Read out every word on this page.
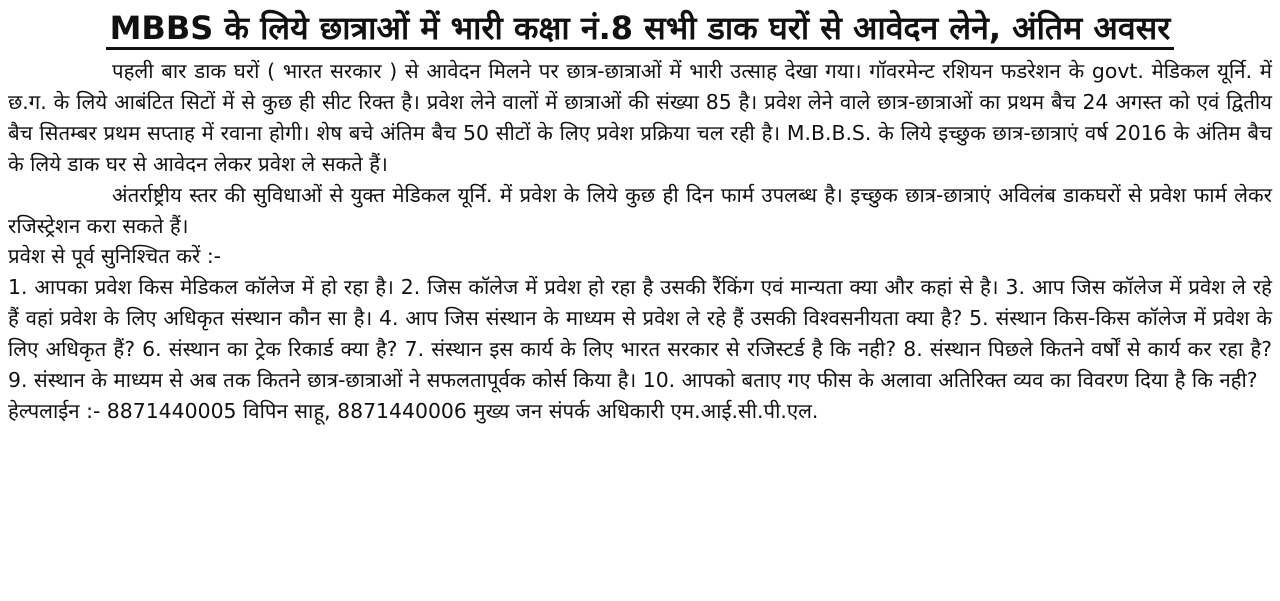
MBBS के लिये छात्राओं में भारी कक्षा नं.8 सभी डाक घरों से आवेदन लेने, अंतिम अवसर

पहली बार डाक घरों ( भारत सरकार ) से आवेदन मिलने पर छात्र-छात्राओं में भारी उत्साह देखा गया। गॉवरमेन्ट रशियन फडरेशन के govt. मेडिकल यूर्नि. में छ.ग. के लिये आबंटित सिटों में से कुछ ही सीट रिक्त है। प्रवेश लेने वालों में छात्राओं की संख्या 85 है। प्रवेश लेने वाले छात्र-छात्राओं का प्रथम बैच 24 अगस्त को एवं द्वितीय बैच सितम्बर प्रथम सप्ताह में रवाना होगी। शेष बचे अंतिम बैच 50 सीटों के लिए प्रवेश प्रक्रिया चल रही है। M.B.B.S. के लिये इच्छुक छात्र-छात्राएं वर्ष 2016 के अंतिम बैच के लिये डाक घर से आवेदन लेकर प्रवेश ले सकते हैं।

अंतर्राष्ट्रीय स्तर की सुविधाओं से युक्त मेडिकल यूर्नि. में प्रवेश के लिये कुछ ही दिन फार्म उपलब्ध है। इच्छुक छात्र-छात्राएं अविलंब डाकघरों से प्रवेश फार्म लेकर रजिस्ट्रेशन करा सकते हैं।

प्रवेश से पूर्व सुनिश्चित करें :-

1. आपका प्रवेश किस मेडिकल कॉलेज में हो रहा है। 2. जिस कॉलेज में प्रवेश हो रहा है उसकी रैंकिंग एवं मान्यता क्या और कहां से है। 3. आप जिस कॉलेज में प्रवेश ले रहे हैं वहां प्रवेश के लिए अधिकृत संस्थान कौन सा है। 4. आप जिस संस्थान के माध्यम से प्रवेश ले रहे हैं उसकी विश्वसनीयता क्या है? 5. संस्थान किस-किस कॉलेज में प्रवेश के लिए अधिकृत हैं? 6. संस्थान का ट्रेक रिकार्ड क्या है? 7. संस्थान इस कार्य के लिए भारत सरकार से रजिस्टर्ड है कि नही? 8. संस्थान पिछले कितने वर्षों से कार्य कर रहा है? 9. संस्थान के माध्यम से अब तक कितने छात्र-छात्राओं ने सफलतापूर्वक कोर्स किया है। 10. आपको बताए गए फीस के अलावा अतिरिक्त व्यव का विवरण दिया है कि नही?

हेल्पलाईन :- 8871440005 विपिन साहू, 8871440006 मुख्य जन संपर्क अधिकारी एम.आई.सी.पी.एल.
